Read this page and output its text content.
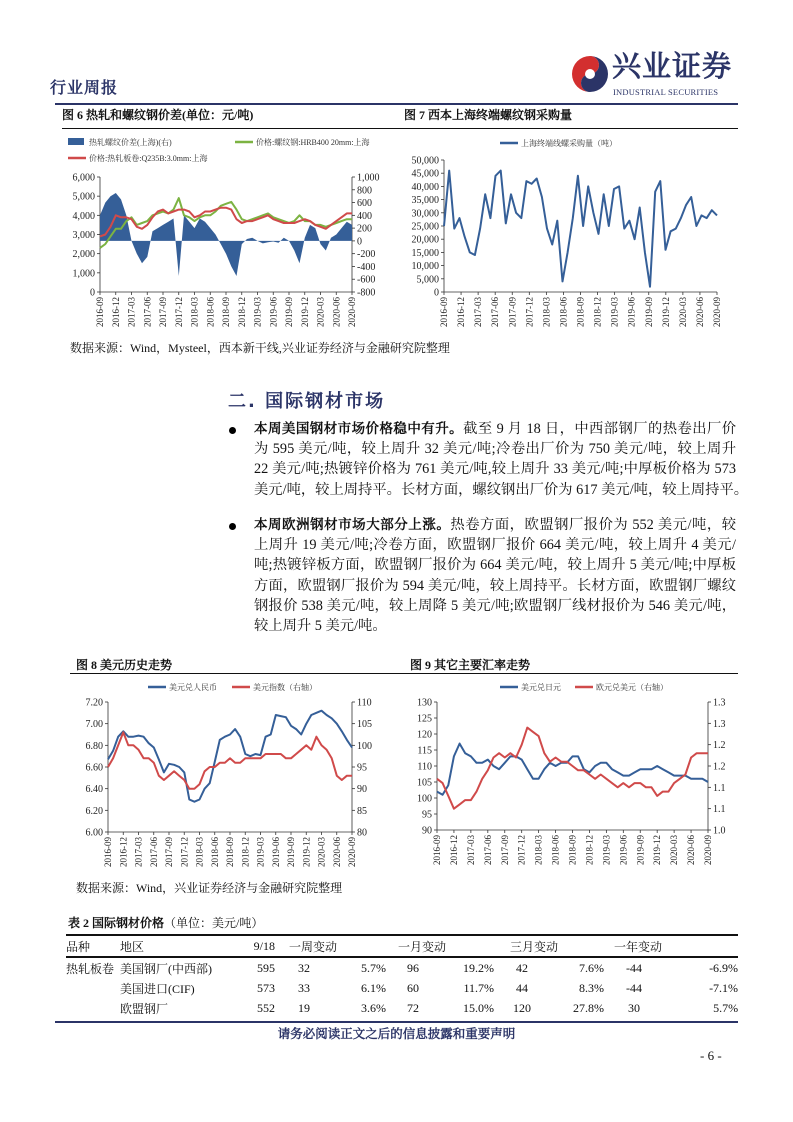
行业周报
兴业证券
INDUSTRIAL SECURITIES
图 6 热轧和螺纹钢价差(单位：元/吨)	图 7 西本上海终端螺纹钢采购量
0
1,000
2,000
3,000
4,000
5,000
6,000
-800
-600
-400
-200
0
200
400
600
800
1,000
2016-09 2016-12 2017-03 2017-06 2017-09 2017-12 2018-03 2018-06 2018-09 2018-12 2019-03 2019-06 2019-09 2019-12 2020-03 2020-06 2020-09
热轧螺纹价差(上海)(右)	价格:螺纹钢:HRB400 20mm:上海
价格:热轧板卷:Q235B:3.0mm:上海
0
5,000
10,000
15,000
20,000
25,000
30,000
35,000
40,000
45,000
50,000
2016-09 2016-12 2017-03 2017-06 2017-09 2017-12 2018-03 2018-06 2018-09 2018-12 2019-03 2019-06 2019-09 2019-12 2020-03 2020-06 2020-09
上海终端线螺采购量（吨）
数据来源：Wind，Mysteel，西本新干线,兴业证券经济与金融研究院整理
二. 国际钢材市场
本周美国钢材市场价格稳中有升。截至 9 月 18 日，中西部钢厂的热卷出厂价
为 595 美元/吨，较上周升 32 美元/吨;冷卷出厂价为 750 美元/吨，较上周升
22 美元/吨;热镀锌价格为 761 美元/吨,较上周升 33 美元/吨;中厚板价格为 573
美元/吨，较上周持平。长材方面，螺纹钢出厂价为 617 美元/吨，较上周持平。
本周欧洲钢材市场大部分上涨。热卷方面，欧盟钢厂报价为 552 美元/吨，较
上周升 19 美元/吨;冷卷方面，欧盟钢厂报价 664 美元/吨，较上周升 4 美元/
吨;热镀锌板方面，欧盟钢厂报价为 664 美元/吨，较上周升 5 美元/吨;中厚板
方面，欧盟钢厂报价为 594 美元/吨，较上周持平。长材方面，欧盟钢厂螺纹
钢报价 538 美元/吨，较上周降 5 美元/吨;欧盟钢厂线材报价为 546 美元/吨，
较上周升 5 美元/吨。
图 8 美元历史走势	图 9 其它主要汇率走势
6.00
6.20
6.40
6.60
6.80
7.00
7.20
80
85
90
95
100
105
110
2016-09 2016-12 2017-03 2017-06 2017-09 2017-12 2018-03 2018-06 2018-09 2018-12 2019-03 2019-06 2019-09 2019-12 2020-03 2020-06 2020-09
美元兑人民币	美元指数（右轴）
90
95
100
105
110
115
120
125
130
1.0
1.1
1.1
1.2
1.2
1.3
1.3
2016-09 2016-12 2017-03 2017-06 2017-09 2017-12 2018-03 2018-06 2018-09 2018-12 2019-03 2019-06 2019-09 2019-12 2020-03 2020-06 2020-09
美元兑日元	欧元兑美元（右轴）
数据来源：Wind，兴业证券经济与金融研究院整理
表 2 国际钢材价格（单位：美元/吨）
品种	地区	9/18	一周变动		一月变动		三月变动		一年变动	
热轧板卷	美国钢厂(中西部)	595	32	5.7%	96	19.2%	42	7.6%	-44	-6.9%
	美国进口(CIF)	573	33	6.1%	60	11.7%	44	8.3%	-44	-7.1%
	欧盟钢厂	552	19	3.6%	72	15.0%	120	27.8%	30	5.7%
请务必阅读正文之后的信息披露和重要声明
- 6 -
